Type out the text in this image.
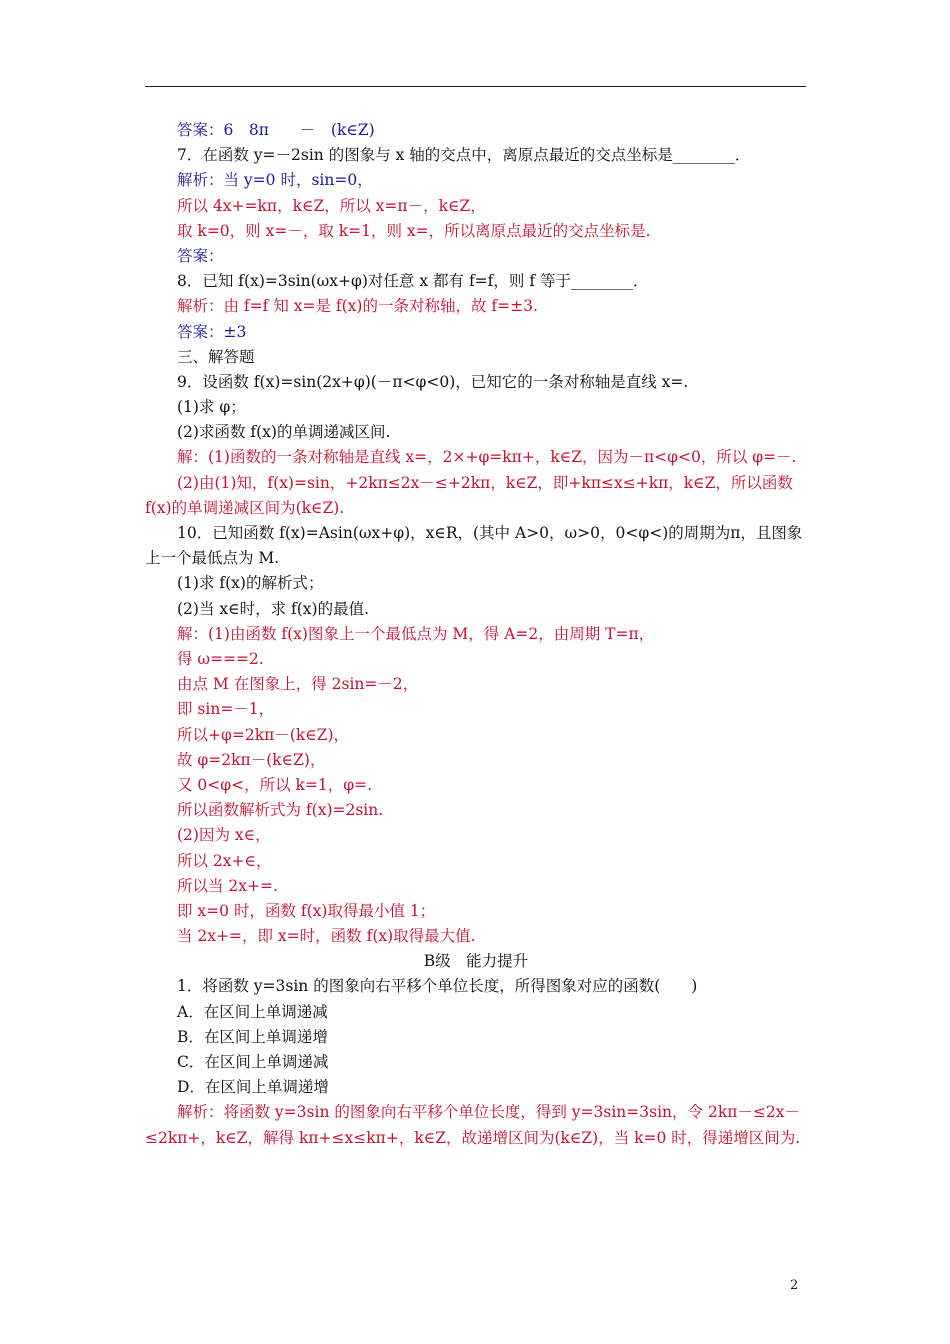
答案：6　8π　　－　(k∈Z)
7．在函数 y=－2sin 的图象与 x 轴的交点中，离原点最近的交点坐标是________．
解析：当 y=0 时，sin=0，
所以 4x+=kπ，k∈Z，所以 x=π－，k∈Z，
取 k=0，则 x=－，取 k=1，则 x=，所以离原点最近的交点坐标是.
答案：
8．已知 f(x)=3sin(ωx+φ)对任意 x 都有 f=f，则 f 等于________．
解析：由 f=f 知 x=是 f(x)的一条对称轴，故 f=±3.
答案：±3
三、解答题
9．设函数 f(x)=sin(2x+φ)(－π<φ<0)，已知它的一条对称轴是直线 x=.
(1)求 φ；
(2)求函数 f(x)的单调递减区间.
解：(1)函数的一条对称轴是直线 x=，2×+φ=kπ+，k∈Z，因为－π<φ<0，所以 φ=－.
(2)由(1)知，f(x)=sin，+2kπ≤2x－≤+2kπ，k∈Z，即+kπ≤x≤+kπ，k∈Z，所以函数 f(x)的单调递减区间为(k∈Z).
10．已知函数 f(x)=Asin(ωx+φ)，x∈R，(其中 A>0，ω>0，0<φ<)的周期为π，且图象上一个最低点为 M.
(1)求 f(x)的解析式；
(2)当 x∈时，求 f(x)的最值.
解：(1)由函数 f(x)图象上一个最低点为 M，得 A=2，由周期 T=π，
得 ω===2.
由点 M 在图象上，得 2sin=－2，
即 sin=－1，
所以+φ=2kπ－(k∈Z)，
故 φ=2kπ－(k∈Z)，
又 0<φ<，所以 k=1，φ=.
所以函数解析式为 f(x)=2sin.
(2)因为 x∈，
所以 2x+∈，
所以当 2x+=.
即 x=0 时，函数 f(x)取得最小值 1；
当 2x+=，即 x=时，函数 f(x)取得最大值.
B级　能力提升
1．将函数 y=3sin 的图象向右平移个单位长度，所得图象对应的函数(　　)
A．在区间上单调递减
B．在区间上单调递增
C．在区间上单调递减
D．在区间上单调递增
解析：将函数 y=3sin 的图象向右平移个单位长度，得到 y=3sin=3sin，令 2kπ－≤2x－≤2kπ+，k∈Z，解得 kπ+≤x≤kπ+，k∈Z，故递增区间为(k∈Z)，当 k=0 时，得递增区间为.
2
